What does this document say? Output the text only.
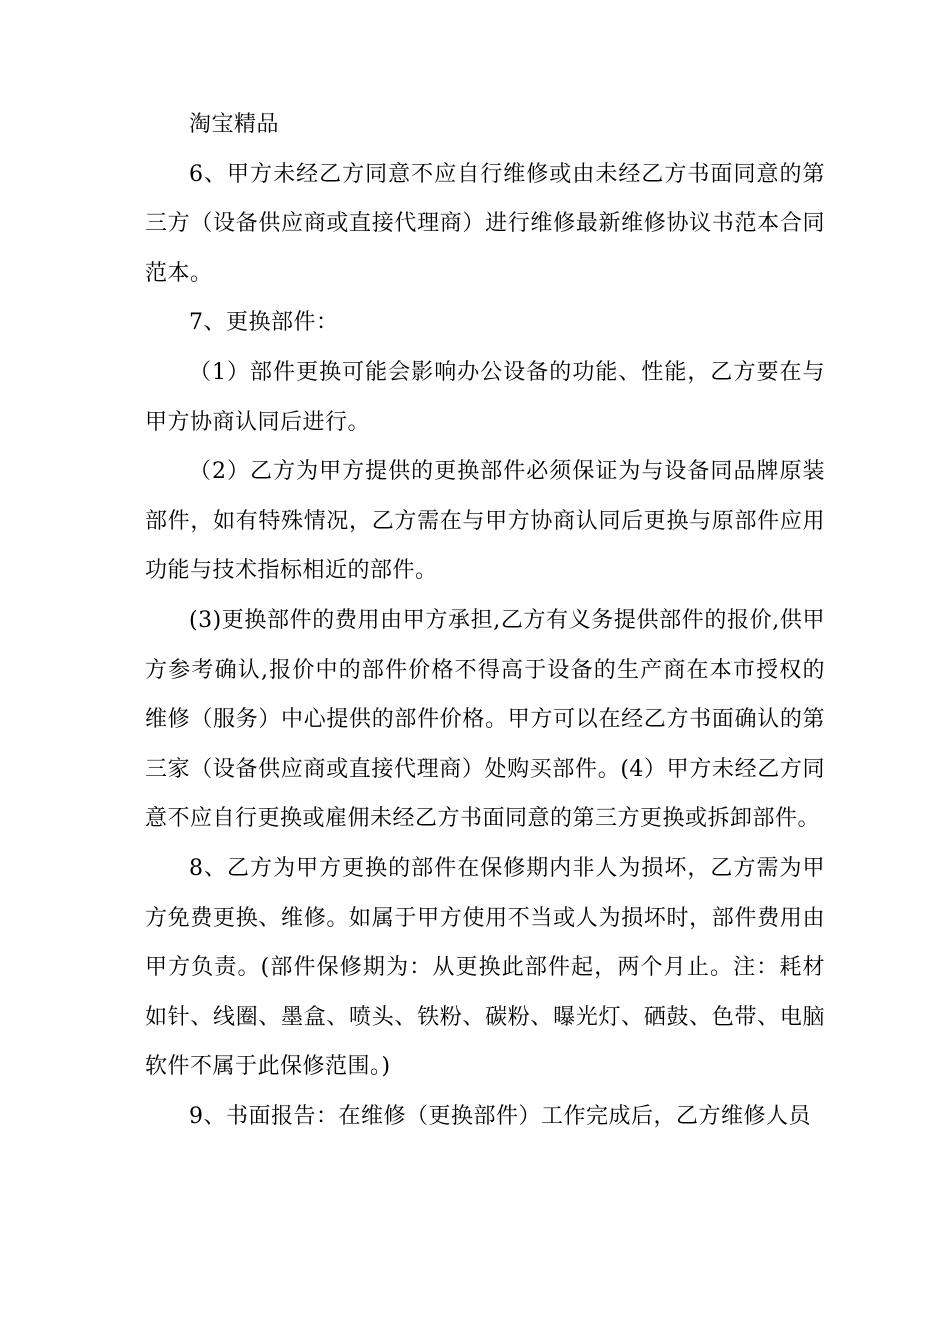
淘宝精品

6、甲方未经乙方同意不应自行维修或由未经乙方书面同意的第三方（设备供应商或直接代理商）进行维修最新维修协议书范本合同范本。

7、更换部件：

（1）部件更换可能会影响办公设备的功能、性能，乙方要在与甲方协商认同后进行。

（2）乙方为甲方提供的更换部件必须保证为与设备同品牌原装部件，如有特殊情况，乙方需在与甲方协商认同后更换与原部件应用功能与技术指标相近的部件。

(3)更换部件的费用由甲方承担,乙方有义务提供部件的报价,供甲方参考确认,报价中的部件价格不得高于设备的生产商在本市授权的维修（服务）中心提供的部件价格。甲方可以在经乙方书面确认的第三家（设备供应商或直接代理商）处购买部件。(4）甲方未经乙方同意不应自行更换或雇佣未经乙方书面同意的第三方更换或拆卸部件。

8、乙方为甲方更换的部件在保修期内非人为损坏，乙方需为甲方免费更换、维修。如属于甲方使用不当或人为损坏时，部件费用由甲方负责。(部件保修期为：从更换此部件起，两个月止。注：耗材如针、线圈、墨盒、喷头、铁粉、碳粉、曝光灯、硒鼓、色带、电脑软件不属于此保修范围。)

9、书面报告：在维修（更换部件）工作完成后，乙方维修人员
